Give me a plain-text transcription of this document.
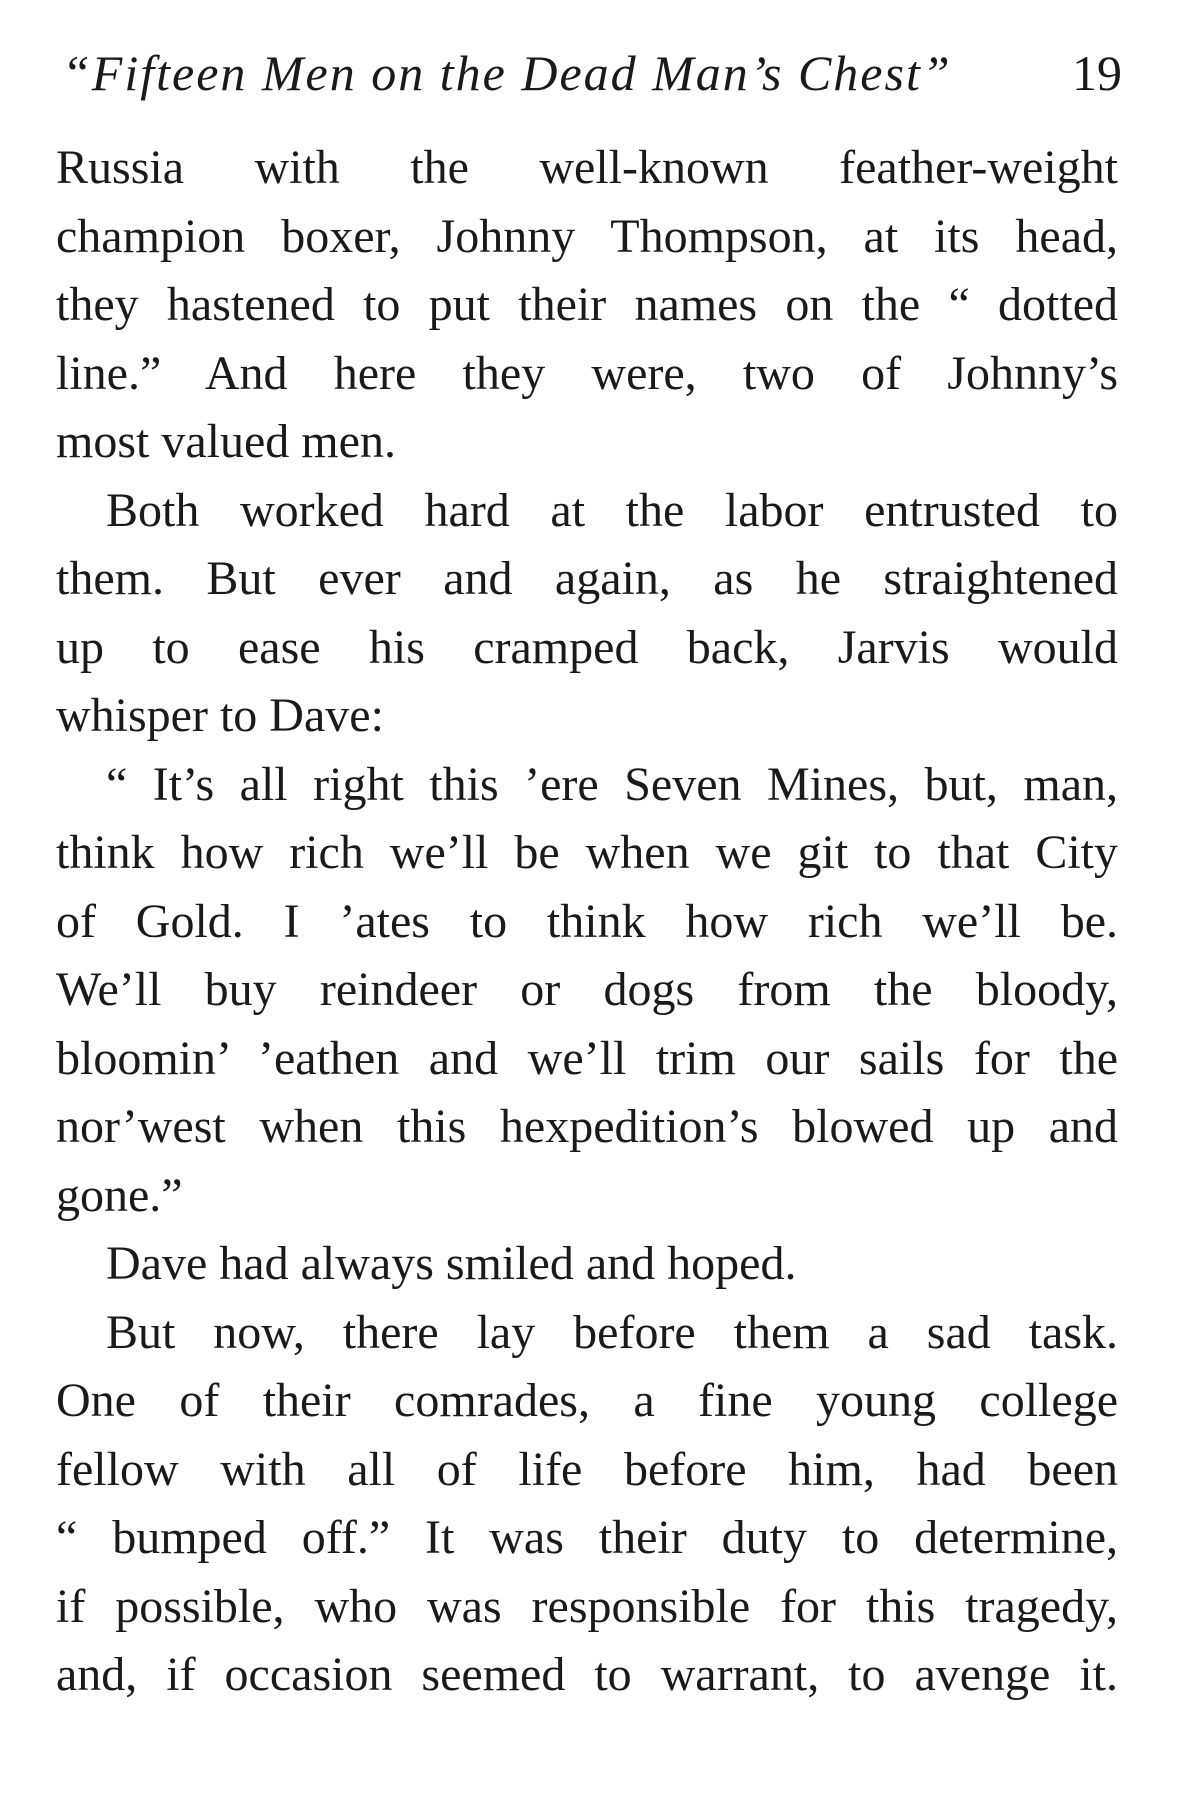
“Fifteen Men on the Dead Man’s Chest” 19
Russia with the well-known feather-weight
champion boxer, Johnny Thompson, at its head,
they hastened to put their names on the “ dotted
line.” And here they were, two of Johnny’s
most valued men.
Both worked hard at the labor entrusted to
them. But ever and again, as he straightened
up to ease his cramped back, Jarvis would
whisper to Dave:
“ It’s all right this ’ere Seven Mines, but, man,
think how rich we’ll be when we git to that City
of Gold. I ’ates to think how rich we’ll be.
We’ll buy reindeer or dogs from the bloody,
bloomin’ ’eathen and we’ll trim our sails for the
nor’west when this hexpedition’s blowed up and
gone.”
Dave had always smiled and hoped.
But now, there lay before them a sad task.
One of their comrades, a fine young college
fellow with all of life before him, had been
“ bumped off.” It was their duty to determine,
if possible, who was responsible for this tragedy,
and, if occasion seemed to warrant, to avenge it.
